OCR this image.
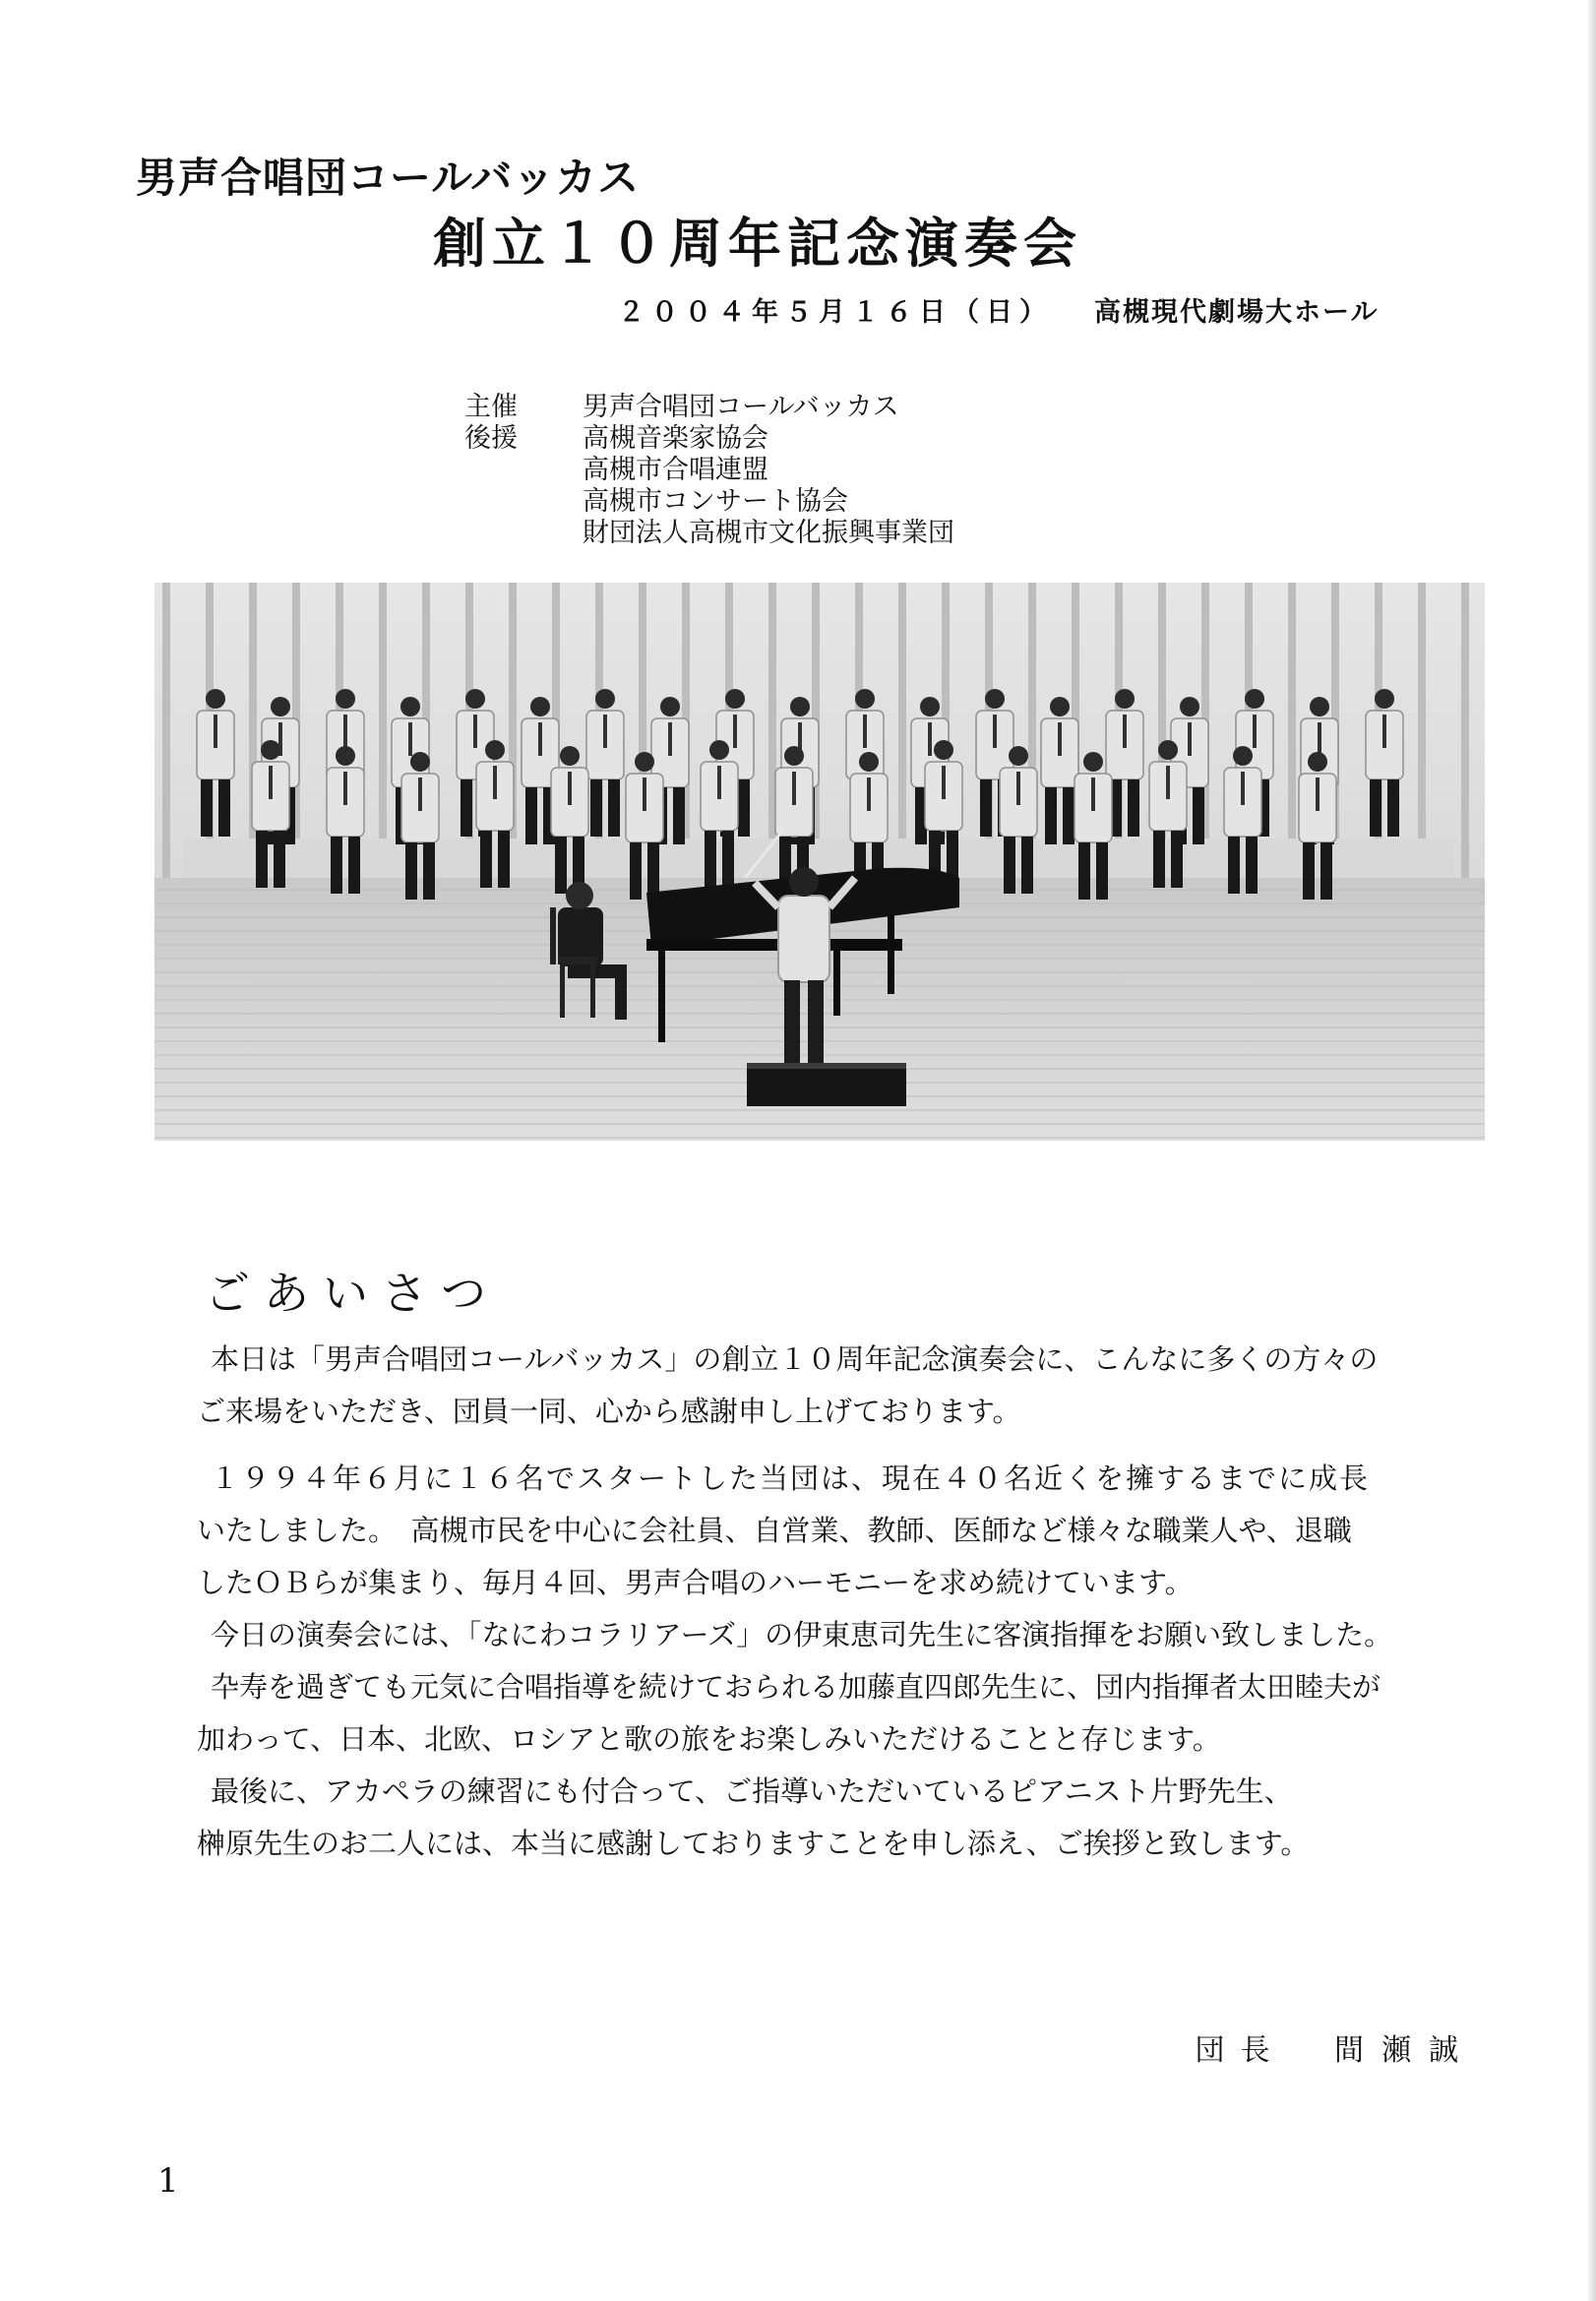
男声合唱団コールバッカス
創立１０周年記念演奏会
２００４年５月１６日（日） 高槻現代劇場大ホール
主催	男声合唱団コールバッカス
後援	高槻音楽家協会
高槻市合唱連盟
高槻市コンサート協会
財団法人高槻市文化振興事業団
ごあいさつ
本日は「男声合唱団コールバッカス」の創立１０周年記念演奏会に、こんなに多くの方々の
ご来場をいただき、団員一同、心から感謝申し上げております。
１９９４年６月に１６名でスタートした当団は、現在４０名近くを擁するまでに成長
いたしました。　高槻市民を中心に会社員、自営業、教師、医師など様々な職業人や、退職
したＯＢらが集まり、毎月４回、男声合唱のハーモニーを求め続けています。
今日の演奏会には、「なにわコラリアーズ」の伊東恵司先生に客演指揮をお願い致しました。
卆寿を過ぎても元気に合唱指導を続けておられる加藤直四郎先生に、団内指揮者太田睦夫が
加わって、日本、北欧、ロシアと歌の旅をお楽しみいただけることと存じます。
最後に、アカペラの練習にも付合って、ご指導いただいているピアニスト片野先生、
榊原先生のお二人には、本当に感謝しておりますことを申し添え、ご挨拶と致します。
団長 間瀬誠
1
